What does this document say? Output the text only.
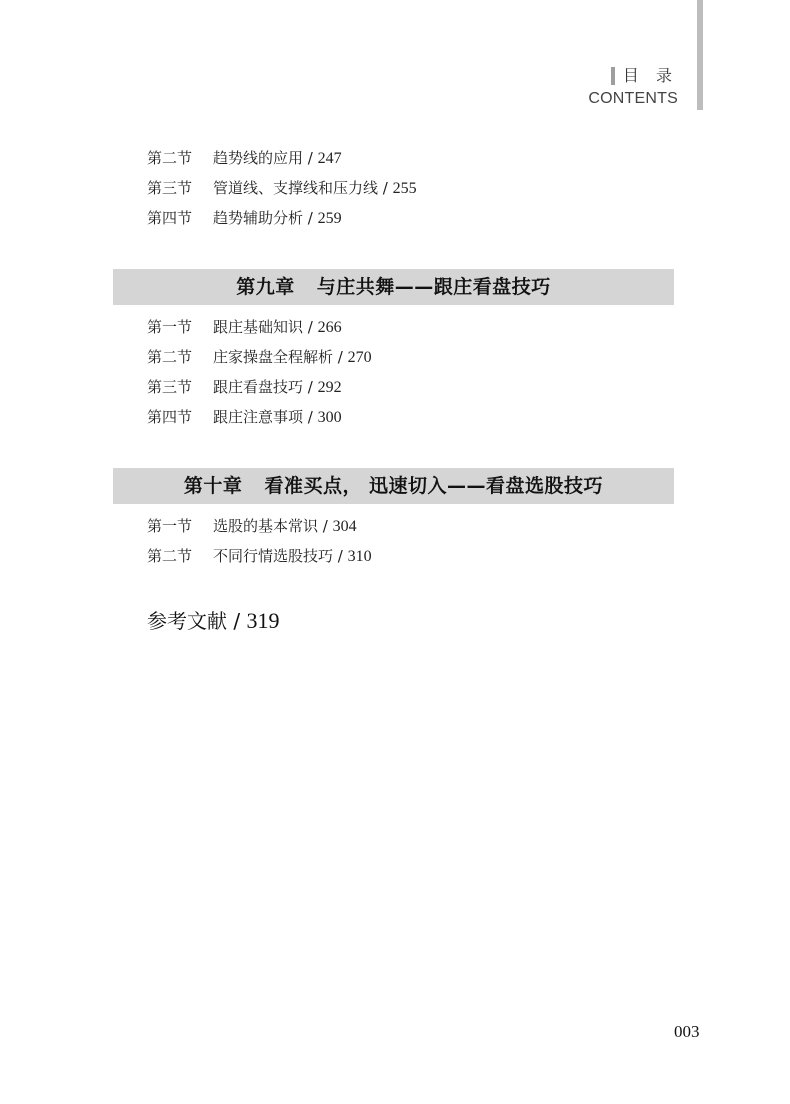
目 录
CONTENTS
第二节 趋势线的应用 / 247
第三节 管道线、支撑线和压力线 / 255
第四节 趋势辅助分析 / 259
第九章 与庄共舞——跟庄看盘技巧
第一节 跟庄基础知识 / 266
第二节 庄家操盘全程解析 / 270
第三节 跟庄看盘技巧 / 292
第四节 跟庄注意事项 / 300
第十章 看准买点， 迅速切入——看盘选股技巧
第一节 选股的基本常识 / 304
第二节 不同行情选股技巧 / 310
参考文献 / 319
003
